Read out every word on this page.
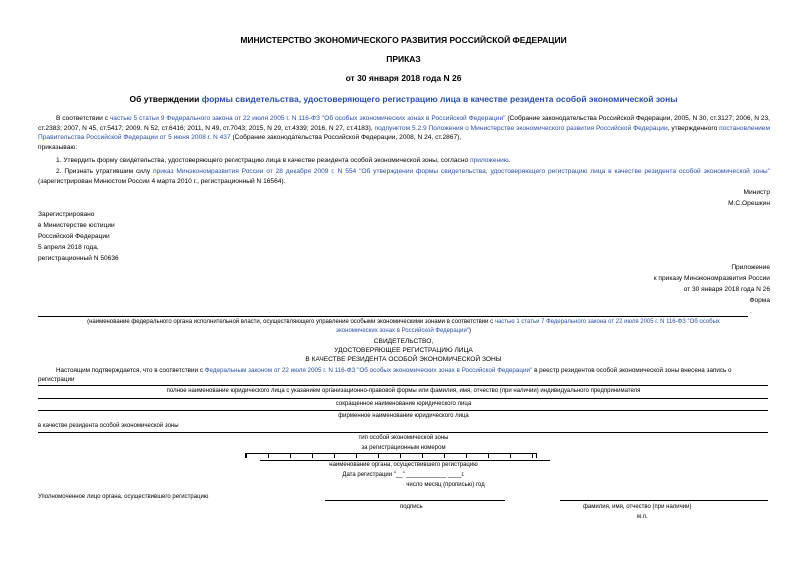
МИНИСТЕРСТВО ЭКОНОМИЧЕСКОГО РАЗВИТИЯ РОССИЙСКОЙ ФЕДЕРАЦИИ
ПРИКАЗ
от 30 января 2018 года N 26
Об утверждении формы свидетельства, удостоверяющего регистрацию лица в качестве резидента особой экономической зоны
В соответствии с частью 5 статьи 9 Федерального закона от 22 июля 2005 г. N 116-ФЗ "Об особых экономических зонах в Российской Федерации" (Собрание законодательства Российской Федерации, 2005, N 30, ст.3127; 2006, N 23, ст.2383; 2007, N 45, ст.5417; 2009, N 52, ст.6416; 2011, N 49, ст.7043; 2015, N 29, ст.4339; 2016, N 27, ст.4183), подпунктом 5.2.9 Положения о Министерстве экономического развития Российской Федерации, утвержденного постановлением Правительства Российской Федерации от 5 июня 2008 г. N 437 (Собрание законодательства Российской Федерации, 2008, N 24, ст.2867),
приказываю:
1. Утвердить форму свидетельства, удостоверяющего регистрацию лица в качестве резидента особой экономической зоны, согласно приложению.
2. Признать утратившим силу приказ Минэкономразвития России от 28 декабря 2009 г. N 554 "Об утверждении формы свидетельства, удостоверяющего регистрацию лица в качестве резидента особой экономической зоны" (зарегистрирован Минюстом России 4 марта 2010 г., регистрационный N 16564).
Министр
М.С.Орешкин
Зарегистрировано
в Министерстве юстиции
Российской Федерации
5 апреля 2018 года,
регистрационный N 50636
Приложение
к приказу Минэкономразвития России
от 30 января 2018 года N 26
Форма
.
(наименование федерального органа исполнительной власти, осуществляющего управление особыми экономическими зонами в соответствии с частью 1 статьи 7 Федерального закона от 22 июля 2005 г. N 116-ФЗ "Об особых
экономических зонах в Российской Федерации")
СВИДЕТЕЛЬСТВО,
УДОСТОВЕРЯЮЩЕЕ РЕГИСТРАЦИЮ ЛИЦА
В КАЧЕСТВЕ РЕЗИДЕНТА ОСОБОЙ ЭКОНОМИЧЕСКОЙ ЗОНЫ
Настоящим подтверждается, что в соответствии с Федеральным законом от 22 июля 2005 г. N 116-ФЗ "Об особых экономических зонах в Российской Федерации" в реестр резидентов особой экономической зоны внесена запись о
регистрации
полное наименование юридического лица с указанием организационно-правовой формы или фамилия, имя, отчество (при наличии) индивидуального предпринимателя
сокращенное наименование юридического лица
фирменное наименование юридического лица
в качестве резидента особой экономической зоны
тип особой экономической зоны
за регистрационным номером
наименование органа, осуществившего регистрацию
Дата регистрации "__" ____________ ____г.
число месяц (прописью) год
Уполномоченное лицо органа, осуществившего регистрацию
подпись	фамилия, имя, отчество (при наличии)
м.п.
